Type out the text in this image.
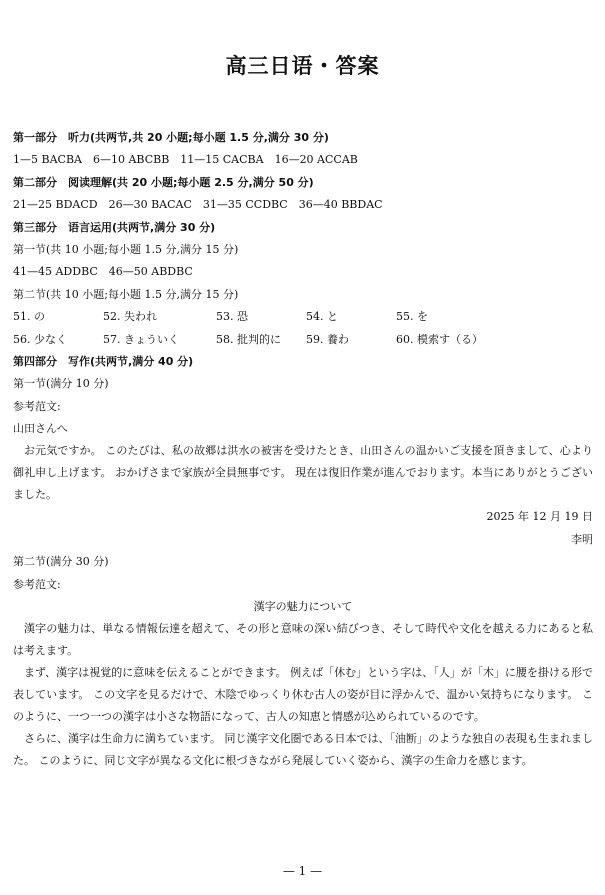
高三日语・答案
第一部分　听力(共两节,共 20 小题;每小题 1.5 分,满分 30 分)
1—5 BACBA　6—10 ABCBB　11—15 CACBA　16—20 ACCAB
第二部分　阅读理解(共 20 小题;每小题 2.5 分,满分 50 分)
21—25 BDACD　26—30 BACAC　31—35 CCDBC　36—40 BBDAC
第三部分　语言运用(共两节,满分 30 分)
第一节(共 10 小题;每小题 1.5 分,满分 15 分)
41—45 ADDBC　46—50 ABDBC
第二节(共 10 小题;每小题 1.5 分,满分 15 分)
51. の	52. 失われ	53. 恐	54. と	55. を
56. 少なく	57. きょういく	58. 批判的に	59. 養わ	60. 模索す（る）
第四部分　写作(共两节,满分 40 分)
第一节(满分 10 分)
参考范文:
山田さんへ
お元気ですか。 このたびは、私の故郷は洪水の被害を受けたとき、山田さんの温かいご支援を頂きまして、心より御礼申し上げます。 おかげさまで家族が全員無事です。 現在は復旧作業が進んでおります。本当にありがとうございました。
2025 年 12 月 19 日
李明
第二节(满分 30 分)
参考范文:
漢字の魅力について
漢字の魅力は、単なる情報伝達を超えて、その形と意味の深い結びつき、そして時代や文化を越える力にあると私は考えます。
まず、漢字は視覚的に意味を伝えることができます。 例えば「休む」という字は、「人」が「木」に腰を掛ける形で表しています。 この文字を見るだけで、木陰でゆっくり休む古人の姿が目に浮かんで、温かい気持ちになります。 このように、一つ一つの漢字は小さな物語になって、古人の知恵と情感が込められているのです。
さらに、漢字は生命力に満ちています。 同じ漢字文化圏である日本では、「油断」のような独自の表現も生まれました。 このように、同じ文字が異なる文化に根づきながら発展していく姿から、漢字の生命力を感じます。
— 1 —
